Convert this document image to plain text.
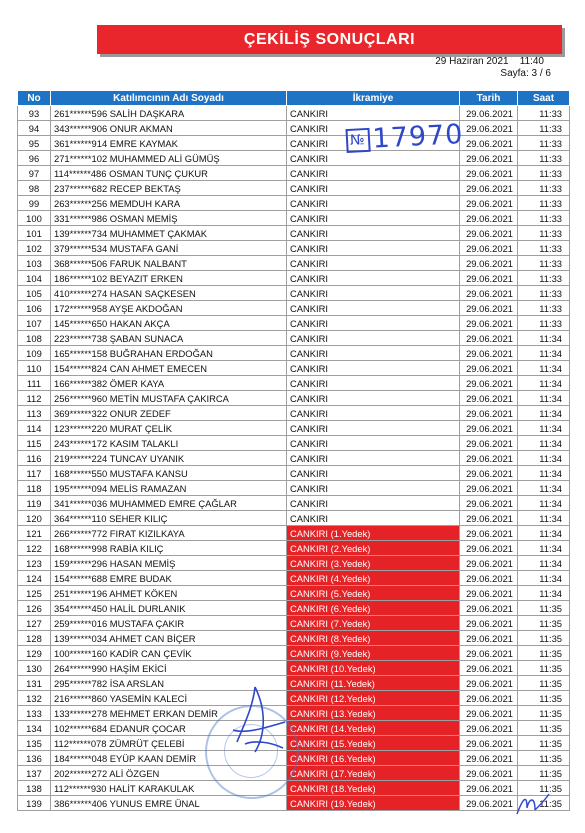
ÇEKİLİŞ SONUÇLARI
29 Haziran 2021    11:40
Sayfa: 3 / 6
No	Katılımcının Adı Soyadı	İkramiye	Tarih	Saat
93	261******596 SALİH DAŞKARA	CANKIRI	29.06.2021	11:33
94	343******906 ONUR AKMAN	CANKIRI	29.06.2021	11:33
95	361******914 EMRE KAYMAK	CANKIRI	29.06.2021	11:33
96	271******102 MUHAMMED ALİ GÜMÜŞ	CANKIRI	29.06.2021	11:33
97	114******486 OSMAN TUNÇ ÇUKUR	CANKIRI	29.06.2021	11:33
98	237******682 RECEP BEKTAŞ	CANKIRI	29.06.2021	11:33
99	263******256 MEMDUH KARA	CANKIRI	29.06.2021	11:33
100	331******986 OSMAN MEMİŞ	CANKIRI	29.06.2021	11:33
101	139******734 MUHAMMET ÇAKMAK	CANKIRI	29.06.2021	11:33
102	379******534 MUSTAFA GANİ	CANKIRI	29.06.2021	11:33
103	368******506 FARUK NALBANT	CANKIRI	29.06.2021	11:33
104	186******102 BEYAZIT ERKEN	CANKIRI	29.06.2021	11:33
105	410******274 HASAN SAÇKESEN	CANKIRI	29.06.2021	11:33
106	172******958 AYŞE AKDOĞAN	CANKIRI	29.06.2021	11:33
107	145******650 HAKAN AKÇA	CANKIRI	29.06.2021	11:33
108	223******738 ŞABAN SUNACA	CANKIRI	29.06.2021	11:34
109	165******158 BUĞRAHAN ERDOĞAN	CANKIRI	29.06.2021	11:34
110	154******824 CAN AHMET EMECEN	CANKIRI	29.06.2021	11:34
111	166******382 ÖMER KAYA	CANKIRI	29.06.2021	11:34
112	256******960 METİN MUSTAFA ÇAKIRCA	CANKIRI	29.06.2021	11:34
113	369******322 ONUR ZEDEF	CANKIRI	29.06.2021	11:34
114	123******220 MURAT ÇELİK	CANKIRI	29.06.2021	11:34
115	243******172 KASIM TALAKLI	CANKIRI	29.06.2021	11:34
116	219******224 TUNCAY UYANIK	CANKIRI	29.06.2021	11:34
117	168******550 MUSTAFA KANSU	CANKIRI	29.06.2021	11:34
118	195******094 MELİS RAMAZAN	CANKIRI	29.06.2021	11:34
119	341******036 MUHAMMED EMRE ÇAĞLAR	CANKIRI	29.06.2021	11:34
120	364******110 SEHER KILIÇ	CANKIRI	29.06.2021	11:34
121	266******772 FIRAT KIZILKAYA	CANKIRI (1.Yedek)	29.06.2021	11:34
122	168******998 RABİA KILIÇ	CANKIRI (2.Yedek)	29.06.2021	11:34
123	159******296 HASAN MEMİŞ	CANKIRI (3.Yedek)	29.06.2021	11:34
124	154******688 EMRE BUDAK	CANKIRI (4.Yedek)	29.06.2021	11:34
125	251******196 AHMET KÖKEN	CANKIRI (5.Yedek)	29.06.2021	11:34
126	354******450 HALİL DURLANIK	CANKIRI (6.Yedek)	29.06.2021	11:35
127	259******016 MUSTAFA ÇAKIR	CANKIRI (7.Yedek)	29.06.2021	11:35
128	139******034 AHMET CAN BİÇER	CANKIRI (8.Yedek)	29.06.2021	11:35
129	100******160 KADİR CAN ÇEVİK	CANKIRI (9.Yedek)	29.06.2021	11:35
130	264******990 HAŞİM EKİCİ	CANKIRI (10.Yedek)	29.06.2021	11:35
131	295******782 İSA ARSLAN	CANKIRI (11.Yedek)	29.06.2021	11:35
132	216******860 YASEMİN KALECİ	CANKIRI (12.Yedek)	29.06.2021	11:35
133	133******278 MEHMET ERKAN DEMİR	CANKIRI (13.Yedek)	29.06.2021	11:35
134	102******684 EDANUR ÇOCAR	CANKIRI (14.Yedek)	29.06.2021	11:35
135	112******078 ZÜMRÜT ÇELEBİ	CANKIRI (15.Yedek)	29.06.2021	11:35
136	184******048 EYÜP KAAN DEMİR	CANKIRI (16.Yedek)	29.06.2021	11:35
137	202******272 ALİ ÖZGEN	CANKIRI (17.Yedek)	29.06.2021	11:35
138	112******930 HALİT KARAKULAK	CANKIRI (18.Yedek)	29.06.2021	11:35
139	386******406 YUNUS EMRE ÜNAL	CANKIRI (19.Yedek)	29.06.2021	11:35
№ 17970
